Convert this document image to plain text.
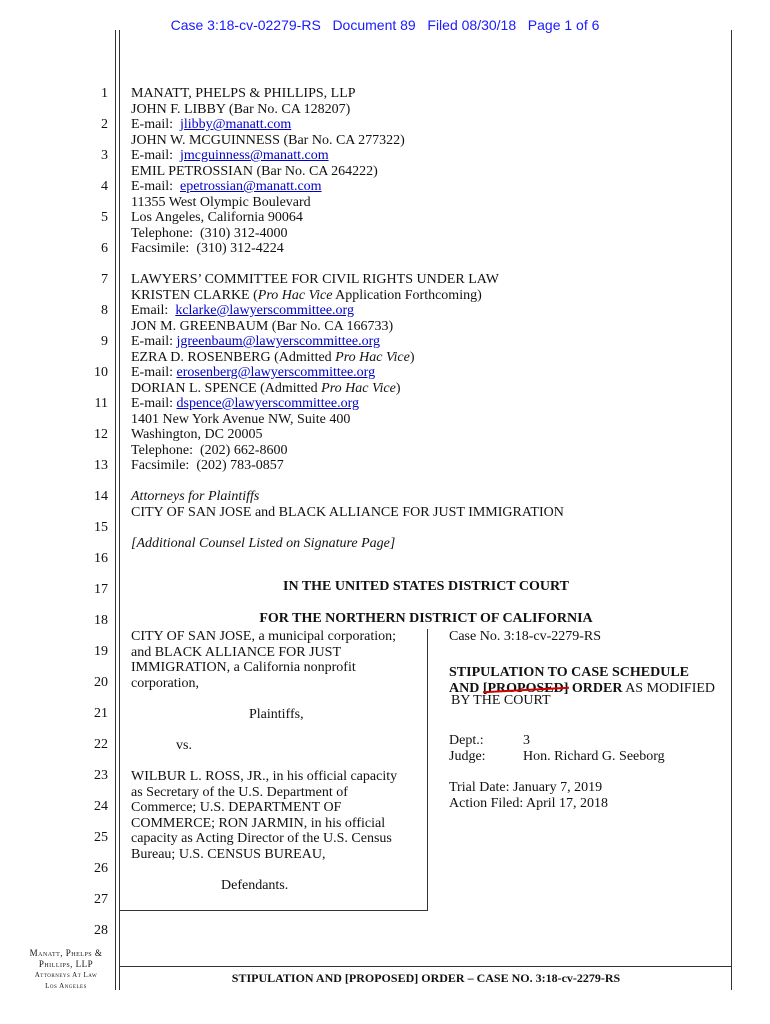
Case 3:18-cv-02279-RS   Document 89   Filed 08/30/18   Page 1 of 6
1
2
3
4
5
6
7
8
9
10
11
12
13
14
15
16
17
18
19
20
21
22
23
24
25
26
27
28
MANATT, PHELPS & PHILLIPS, LLP
JOHN F. LIBBY (Bar No. CA 128207)
E-mail:  jlibby@manatt.com
JOHN W. MCGUINNESS (Bar No. CA 277322)
E-mail:  jmcguinness@manatt.com
EMIL PETROSSIAN (Bar No. CA 264222)
E-mail:  epetrossian@manatt.com
11355 West Olympic Boulevard
Los Angeles, California 90064
Telephone:  (310) 312-4000
Facsimile:  (310) 312-4224
LAWYERS’ COMMITTEE FOR CIVIL RIGHTS UNDER LAW
KRISTEN CLARKE (Pro Hac Vice Application Forthcoming)
Email:  kclarke@lawyerscommittee.org
JON M. GREENBAUM (Bar No. CA 166733)
E-mail: jgreenbaum@lawyerscommittee.org
EZRA D. ROSENBERG (Admitted Pro Hac Vice)
E-mail: erosenberg@lawyerscommittee.org
DORIAN L. SPENCE (Admitted Pro Hac Vice)
E-mail: dspence@lawyerscommittee.org
1401 New York Avenue NW, Suite 400
Washington, DC 20005
Telephone:  (202) 662-8600
Facsimile:  (202) 783-0857
Attorneys for Plaintiffs
CITY OF SAN JOSE and BLACK ALLIANCE FOR JUST IMMIGRATION
[Additional Counsel Listed on Signature Page]
IN THE UNITED STATES DISTRICT COURT
FOR THE NORTHERN DISTRICT OF CALIFORNIA
CITY OF SAN JOSE, a municipal corporation;
and BLACK ALLIANCE FOR JUST
IMMIGRATION, a California nonprofit
corporation,
Plaintiffs,
vs.
WILBUR L. ROSS, JR., in his official capacity
as Secretary of the U.S. Department of
Commerce; U.S. DEPARTMENT OF
COMMERCE; RON JARMIN, in his official
capacity as Acting Director of the U.S. Census
Bureau; U.S. CENSUS BUREAU,
Defendants.
Case No. 3:18-cv-2279-RS
STIPULATION TO CASE SCHEDULE
AND [PROPOSED] ORDER AS MODIFIED
BY THE COURT
Dept.:	3
Judge:	Hon. Richard G. Seeborg
Trial Date: January 7, 2019
Action Filed: April 17, 2018
STIPULATION AND [PROPOSED] ORDER – CASE NO. 3:18-cv-2279-RS
Manatt, Phelps &
Phillips, LLP
Attorneys At Law
Los Angeles
